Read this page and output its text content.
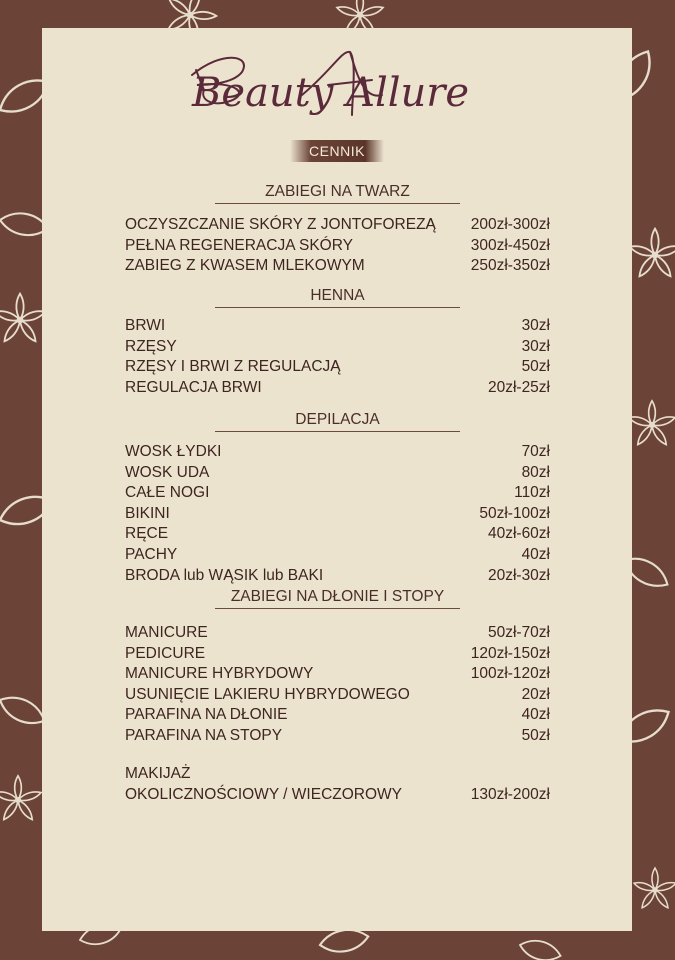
Beauty Allure
CENNIK
ZABIEGI NA TWARZ
OCZYSZCZANIE SKÓRY Z JONTOFOREZĄ 200zł-300zł
PEŁNA REGENERACJA SKÓRY	300zł-450zł
ZABIEG Z KWASEM MLEKOWYM	250zł-350zł
HENNA
BRWI	30zł
RZĘSY	30zł
RZĘSY I BRWI Z REGULACJĄ	50zł
REGULACJA BRWI	20zł-25zł
DEPILACJA
WOSK ŁYDKI	70zł
WOSK UDA	80zł
CAŁE NOGI	110zł
BIKINI	50zł-100zł
RĘCE	40zł-60zł
PACHY	40zł
BRODA lub WĄSIK lub BAKI	20zł-30zł
ZABIEGI NA DŁONIE I STOPY
MANICURE	50zł-70zł
PEDICURE	120zł-150zł
MANICURE HYBRYDOWY	100zł-120zł
USUNIĘCIE LAKIERU HYBRYDOWEGO	20zł
PARAFINA NA DŁONIE	40zł
PARAFINA NA STOPY	50zł
MAKIJAŻ
OKOLICZNOŚCIOWY / WIECZOROWY	130zł-200zł
